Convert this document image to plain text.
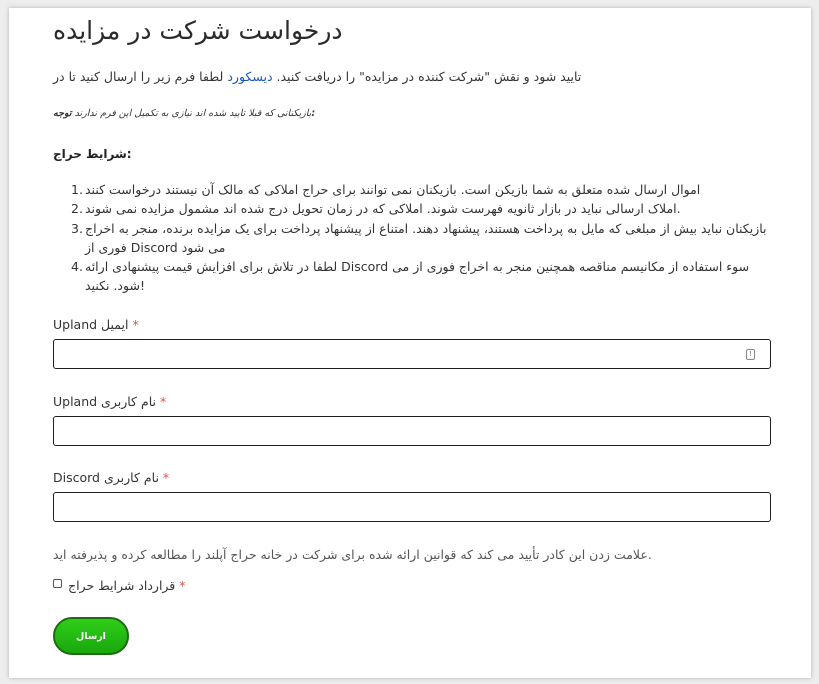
درخواست شرکت در مزایده
تایید شود و نقش "شرکت کننده در مزایده" را دریافت کنید. دیسکورد لطفا فرم زیر را ارسال کنید تا در
بازیکنانی که قبلا تایید شده اند نیازی به تکمیل این فرم ندارند توجه:
شرایط حراج:
1. اموال ارسال شده متعلق به شما بازیکن است. بازیکنان نمی توانند برای حراج املاکی که مالک آن نیستند درخواست کنند
2. املاک ارسالی نباید در بازار ثانویه فهرست شوند. املاکی که در زمان تحویل درج شده اند مشمول مزایده نمی شوند.
3. بازیکنان نباید بیش از مبلغی که مایل به پرداخت هستند، پیشنهاد دهند. امتناع از پیشنهاد پرداخت برای یک مزایده برنده، منجر به اخراج فوری از Discord می شود
4. لطفا در تلاش برای افزایش قیمت پیشنهادی ارائه Discord سوء استفاده از مکانیسم مناقصه همچنین منجر به اخراج فوری از می شود. نکنید!
Upland ایمیل *
!
Upland نام کاربری *
Discord نام کاربری *
علامت زدن این کادر تأیید می کند که قوانین ارائه شده برای شرکت در خانه حراج آپلند را مطالعه کرده و پذیرفته اید.
قرارداد شرایط حراج *
ارسال
